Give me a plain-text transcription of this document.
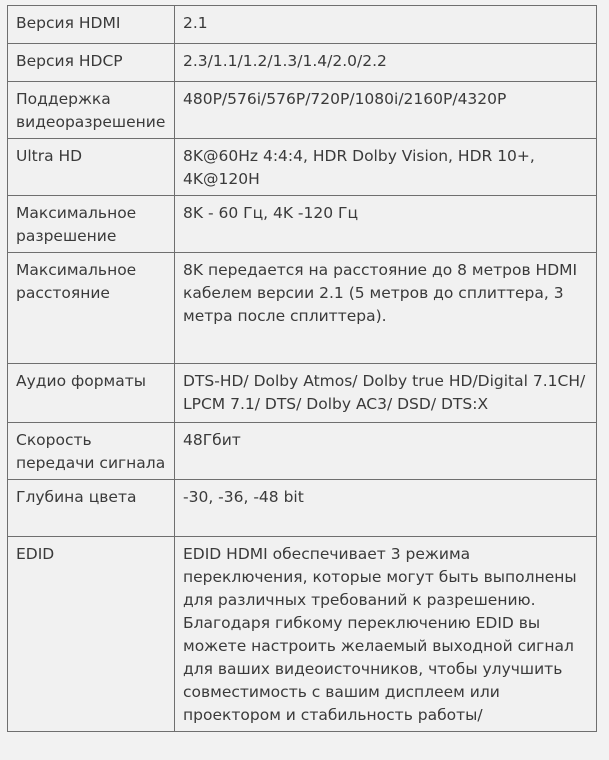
Версия HDMI	2.1
Версия HDCP	2.3/1.1/1.2/1.3/1.4/2.0/2.2
Поддержка видеоразрешение	480P/576i/576P/720P/1080i/2160P/4320P
Ultra HD	8K@60Hz 4:4:4, HDR Dolby Vision, HDR 10+, 4K@120H
Максимальное разрешение	8K - 60 Гц, 4K -120 Гц
Максимальное расстояние	8K передается на расстояние до 8 метров HDMI кабелем версии 2.1 (5 метров до сплиттера, 3 метра после сплиттера).
Аудио форматы	DTS-HD/ Dolby Atmos/ Dolby true HD/Digital 7.1CH/ LPCM 7.1/ DTS/ Dolby AC3/ DSD/ DTS:X
Скорость передачи сигнала	48Гбит
Глубина цвета	-30, -36, -48 bit
EDID	EDID HDMI обеспечивает 3 режима переключения, которые могут быть выполнены для различных требований к разрешению. Благодаря гибкому переключению EDID вы можете настроить желаемый выходной сигнал для ваших видеоисточников, чтобы улучшить совместимость с вашим дисплеем или проектором и стабильность работы/
